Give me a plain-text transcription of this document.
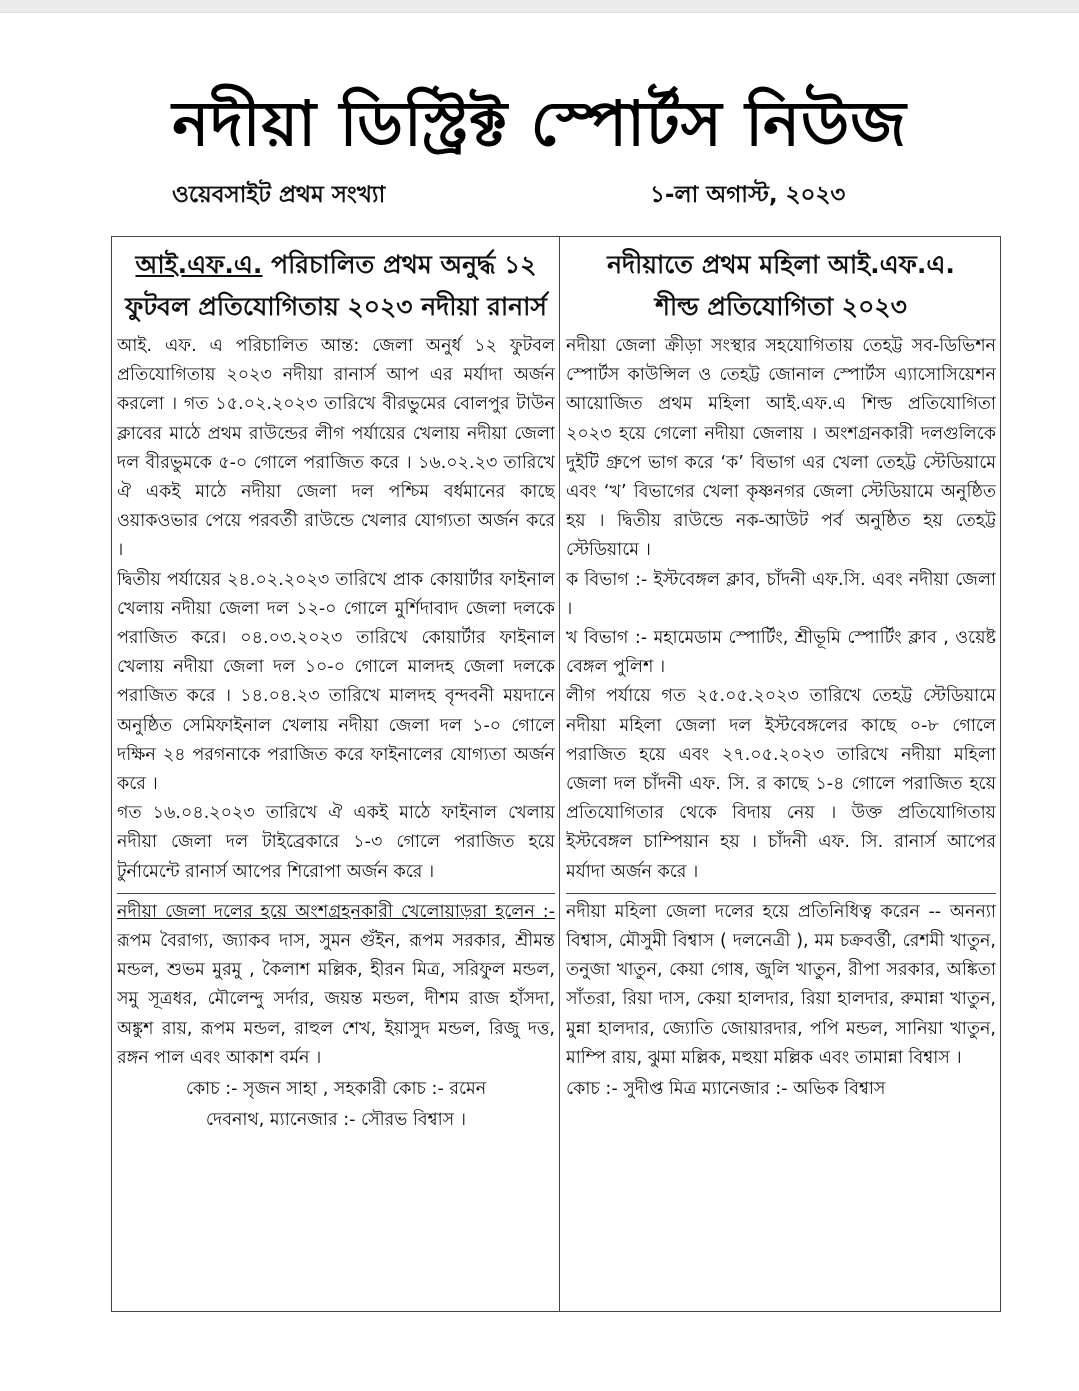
নদীয়া ডিস্ট্রিক্ট স্পোর্টস নিউজ
ওয়েবসাইট প্রথম সংখ্যা	১-লা অগাস্ট, ২০২৩
আই.এফ.এ. পরিচালিত প্রথম অনুর্দ্ধ ১২ ফুটবল প্রতিযোগিতায় ২০২৩ নদীয়া রানার্স

আই. এফ. এ পরিচালিত আন্ত: জেলা অনুর্ধ ১২ ফুটবল প্রতিযোগিতায় ২০২৩ নদীয়া রানার্স আপ এর মর্যাদা অর্জন করলো । গত ১৫.০২.২০২৩ তারিখে বীরভুমের বোলপুর টাউন ক্লাবের মাঠে প্রথম রাউন্ডের লীগ পর্যায়ের খেলায় নদীয়া জেলা দল বীরভুমকে ৫-০ গোলে পরাজিত করে । ১৬.০২.২৩ তারিখে ঐ একই মাঠে নদীয়া জেলা দল পশ্চিম বর্ধমানের কাছে ওয়াকওভার পেয়ে পরবর্তী রাউন্ডে খেলার যোগ্যতা অর্জন করে ।

দ্বিতীয় পর্যায়ের ২৪.০২.২০২৩ তারিখে প্রাক কোয়ার্টার ফাইনাল খেলায় নদীয়া জেলা দল ১২-০ গোলে মুর্শিদাবাদ জেলা দলকে পরাজিত করে। ০৪.০৩.২০২৩ তারিখে কোয়ার্টার ফাইনাল খেলায় নদীয়া জেলা দল ১০-০ গোলে মালদহ জেলা দলকে পরাজিত করে । ১৪.০৪.২৩ তারিখে মালদহ বৃন্দবনী ময়দানে অনুষ্ঠিত সেমিফাইনাল খেলায় নদীয়া জেলা দল ১-০ গোলে দক্ষিন ২৪ পরগনাকে পরাজিত করে ফাইনালের যোগ্যতা অর্জন করে ।

গত ১৬.০৪.২০২৩ তারিখে ঐ একই মাঠে ফাইনাল খেলায় নদীয়া জেলা দল টাইব্রেকারে ১-৩ গোলে পরাজিত হয়ে টুর্নামেন্টে রানার্স আপের শিরোপা অর্জন করে ।

নদীয়া জেলা দলের হয়ে অংশগ্রহনকারী খেলোয়াড়রা হলেন :- রূপম বৈরাগ্য, জ্যাকব দাস, সুমন গুঁইন, রূপম সরকার, শ্রীমন্ত মন্ডল, শুভম মুরমু , কৈলাশ মল্লিক, হীরন মিত্র, সরিফুল মন্ডল, সমু সূত্রধর, মৌলেন্দু সর্দার, জয়ন্ত মন্ডল, দীশম রাজ হাঁসদা, অঙ্কুশ রায়, রূপম মন্ডল, রাহুল শেখ, ইয়াসুদ মন্ডল, রিজু দত্ত, রঙ্গন পাল এবং আকাশ বর্মন ।

কোচ :- সৃজন সাহা , সহকারী কোচ :- রমেন

দেবনাথ, ম্যানেজার :- সৌরভ বিশ্বাস ।

নদীয়াতে প্রথম মহিলা আই.এফ.এ.
শীল্ড প্রতিযোগিতা ২০২৩

নদীয়া জেলা ক্রীড়া সংস্থার সহযোগিতায় তেহট্ট সব-ডিভিশন স্পোর্টস কাউন্সিল ও তেহট্ট জোনাল স্পোর্টস এ্যাসোসিয়েশন আয়োজিত প্রথম মহিলা আই.এফ.এ শিল্ড প্রতিযোগিতা ২০২৩ হয়ে গেলো নদীয়া জেলায় । অংশগ্রনকারী দলগুলিকে দুইটি গ্রুপে ভাগ করে ‘ক’ বিভাগ এর খেলা তেহট্ট স্টেডিয়ামে এবং ‘খ’ বিভাগের খেলা কৃষ্ণনগর জেলা স্টেডিয়ামে অনুষ্ঠিত হয় । দ্বিতীয় রাউন্ডে নক-আউট পর্ব অনুষ্ঠিত হয় তেহট্ট স্টেডিয়ামে ।

ক বিভাগ :- ইস্টবেঙ্গল ক্লাব, চাঁদনী এফ.সি. এবং নদীয়া জেলা ।

খ বিভাগ :- মহামেডাম স্পোর্টিং, শ্রীভূমি স্পোর্টিং ক্লাব , ওয়েষ্ট বেঙ্গল পুলিশ ।

লীগ পর্যায়ে গত ২৫.০৫.২০২৩ তারিখে তেহট্ট স্টেডিয়ামে নদীয়া মহিলা জেলা দল ইস্টবেঙ্গলের কাছে ০-৮ গোলে পরাজিত হয়ে এবং ২৭.০৫.২০২৩ তারিখে নদীয়া মহিলা জেলা দল চাঁদনী এফ. সি. র কাছে ১-৪ গোলে পরাজিত হয়ে প্রতিযোগিতার থেকে বিদায় নেয় । উক্ত প্রতিযোগিতায় ইস্টবেঙ্গল চাম্পিয়ান হয় । চাঁদনী এফ. সি. রানার্স আপের মর্যাদা অর্জন করে ।

নদীয়া মহিলা জেলা দলের হয়ে প্রতিনিধিত্ব করেন -- অনন্যা বিশ্বাস, মৌসুমী বিশ্বাস ( দলনেত্রী ), মম চক্রবর্ত্তী, রেশমী খাতুন, তনুজা খাতুন, কেয়া গোষ, জুলি খাতুন, রীপা সরকার, অঙ্কিতা সাঁতরা, রিয়া দাস, কেয়া হালদার, রিয়া হালদার, রুমান্না খাতুন, মুন্না হালদার, জ্যোতি জোয়ারদার, পপি মন্ডল, সানিয়া খাতুন, মাম্পি রায়, ঝুমা মল্লিক, মহুয়া মল্লিক এবং তামান্না বিশ্বাস ।

কোচ :- সুদীপ্ত মিত্র ম্যানেজার :- অভিক বিশ্বাস
